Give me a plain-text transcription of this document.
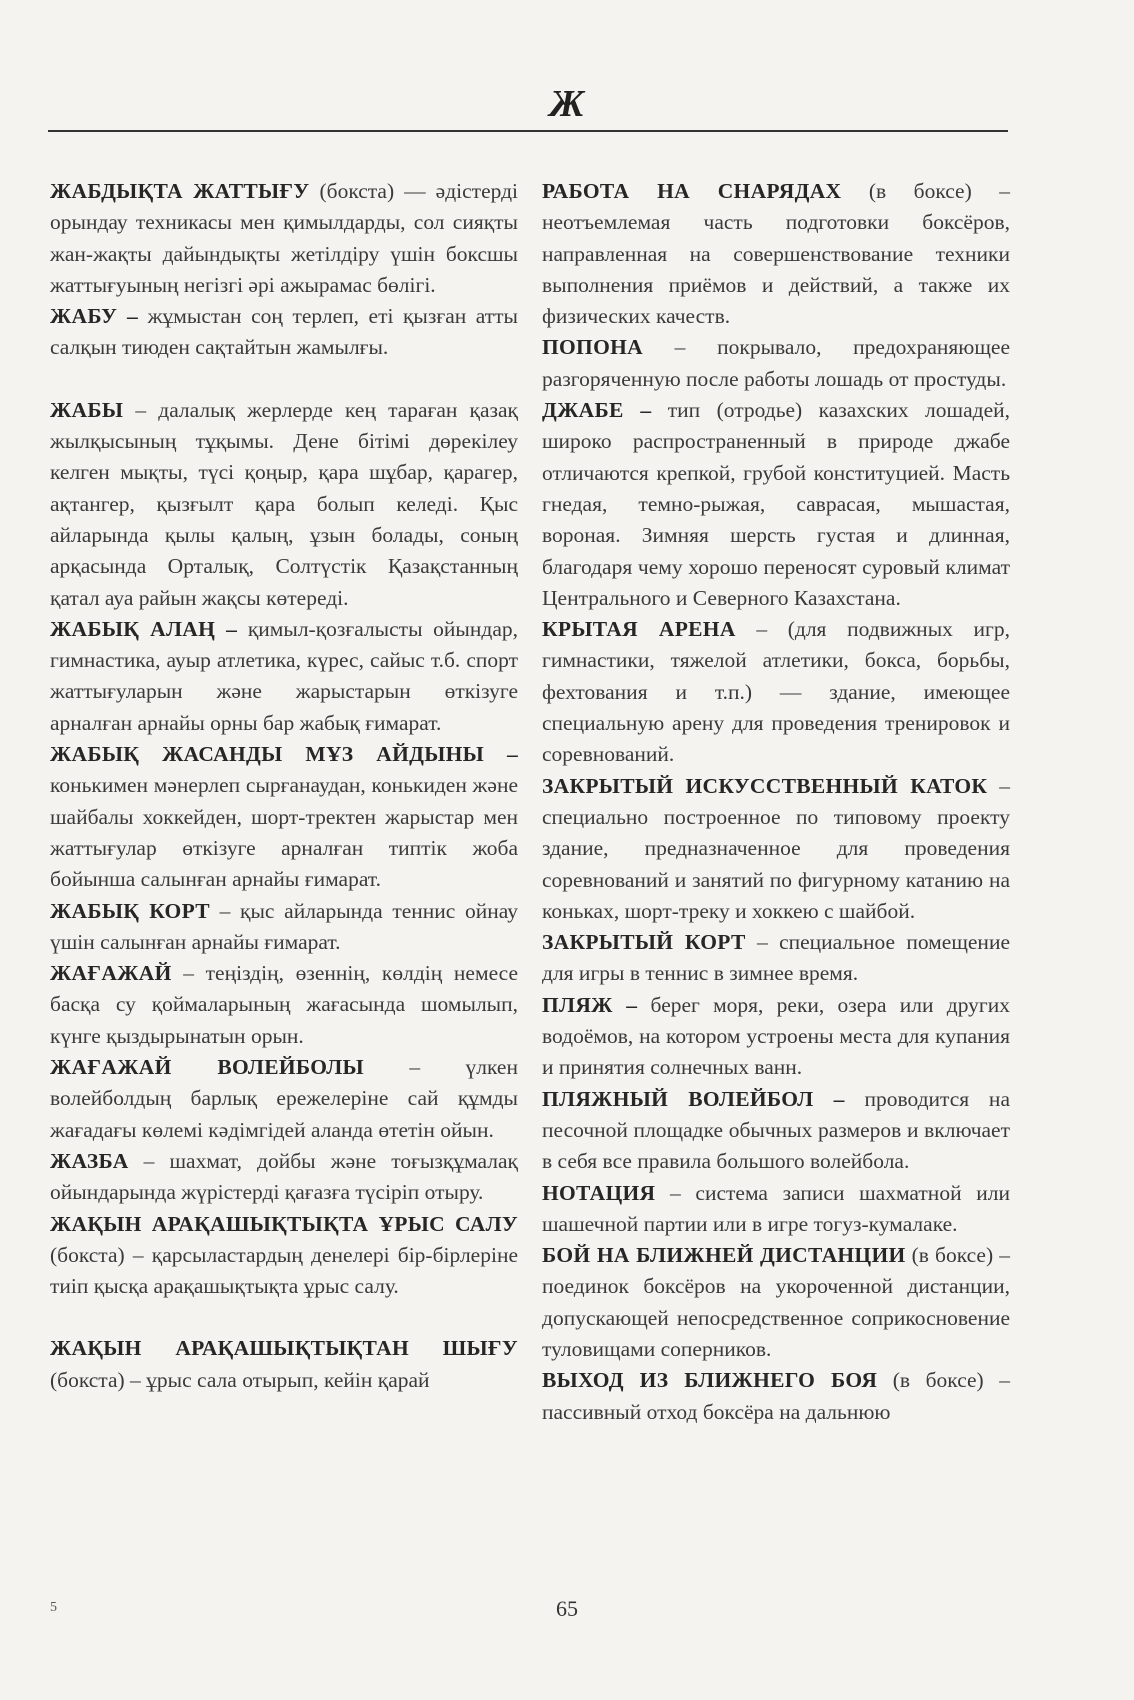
Ж

ЖАБДЫҚТА ЖАТТЫҒУ (бокста) — әдістерді орындау техникасы мен қимылдарды, сол сияқты жан-жақты дайындықты жетілдіру үшін боксшы жаттығуының негізгі әрі ажырамас бөлігі.

ЖАБУ – жұмыстан соң терлеп, еті қызған атты салқын тиюден сақтайтын жамылғы.

ЖАБЫ – далалық жерлерде кең тараған қазақ жылқысының тұқымы. Дене бітімі дөрекілеу келген мықты, түсі қоңыр, қара шұбар, қарагер, ақтангер, қызғылт қара болып келеді. Қыс айларында қылы қалың, ұзын болады, соның арқасында Орталық, Солтүстік Қазақстанның қатал ауа райын жақсы көтереді.

ЖАБЫҚ АЛАҢ – қимыл-қозғалысты ойындар, гимнастика, ауыр атлетика, күрес, сайыс т.б. спорт жаттығуларын және жарыстарын өткізуге арналған арнайы орны бар жабық ғимарат.

ЖАБЫҚ ЖАСАНДЫ МҰЗ АЙДЫНЫ – конькимен мәнерлеп сырғанаудан, конькиден және шайбалы хоккейден, шорт-тректен жарыстар мен жаттығулар өткізуге арналған типтік жоба бойынша салынған арнайы ғимарат.

ЖАБЫҚ КОРТ – қыс айларында теннис ойнау үшін салынған арнайы ғимарат.

ЖАҒАЖАЙ – теңіздің, өзеннің, көлдің немесе басқа су қоймаларының жағасында шомылып, күнге қыздырынатын орын.

ЖАҒАЖАЙ ВОЛЕЙБОЛЫ – үлкен волейболдың барлық ережелеріне сай құмды жағадағы көлемі кәдімгідей аланда өтетін ойын.

ЖАЗБА – шахмат, дойбы және тоғызқұмалақ ойындарында жүрістерді қағазға түсіріп отыру.

ЖАҚЫН АРАҚАШЫҚТЫҚТА ҰРЫС САЛУ (бокста) – қарсыластардың денелері бір-бірлеріне тиіп қысқа арақашықтықта ұрыс салу.

ЖАҚЫН АРАҚАШЫҚТЫҚТАН ШЫҒУ (бокста) – ұрыс сала отырып, кейін қарай

РАБОТА НА СНАРЯДАХ (в боксе) – неотъемлемая часть подготовки боксёров, направленная на совершенствование техники выполнения приёмов и действий, а также их физических качеств.

ПОПОНА – покрывало, предохраняющее разгоряченную после работы лошадь от простуды.

ДЖАБЕ – тип (отродье) казахских лошадей, широко распространенный в природе джабе отличаются крепкой, грубой конституцией. Масть гнедая, темно-рыжая, саврасая, мышастая, вороная. Зимняя шерсть густая и длинная, благодаря чему хорошо переносят суровый климат Центрального и Северного Казахстана.

КРЫТАЯ АРЕНА – (для подвижных игр, гимнастики, тяжелой атлетики, бокса, борьбы, фехтования и т.п.) — здание, имеющее специальную арену для проведения тренировок и соревнований.

ЗАКРЫТЫЙ ИСКУССТВЕННЫЙ КАТОК – специально построенное по типовому проекту здание, предназначенное для проведения соревнований и занятий по фигурному катанию на коньках, шорт-треку и хоккею с шайбой.

ЗАКРЫТЫЙ КОРТ – специальное помещение для игры в теннис в зимнее время.

ПЛЯЖ – берег моря, реки, озера или других водоёмов, на котором устроены места для купания и принятия солнечных ванн.

ПЛЯЖНЫЙ ВОЛЕЙБОЛ – проводится на песочной площадке обычных размеров и включает в себя все правила большого волейбола.

НОТАЦИЯ – система записи шахматной или шашечной партии или в игре тогуз-кумалаке.

БОЙ НА БЛИЖНЕЙ ДИСТАНЦИИ (в боксе) – поединок боксёров на укороченной дистанции, допускающей непосредственное соприкосновение туловищами соперников.

ВЫХОД ИЗ БЛИЖНЕГО БОЯ (в боксе) – пассивный отход боксёра на дальнюю

5	65
